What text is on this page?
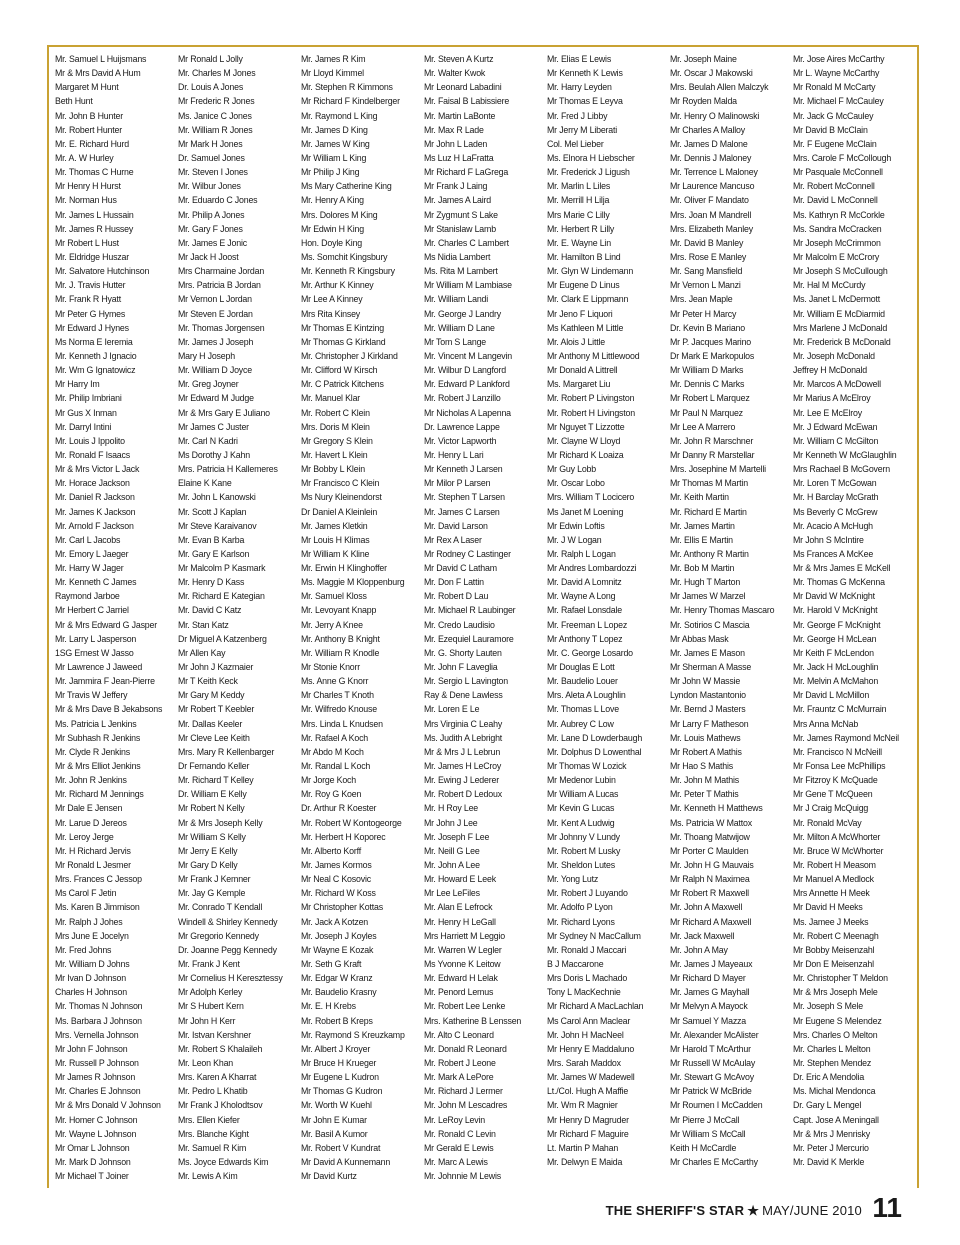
Mr. Samuel L Huijsmans
Mr & Mrs David A Hum
Margaret M Hunt
Beth Hunt
Mr. John B Hunter
Mr. Robert Hunter
Mr. E. Richard Hurd
Mr. A. W Hurley
Mr. Thomas C Hurne
Mr Henry H Hurst
Mr. Norman Hus
Mr. James L Hussain
Mr. James R Hussey
Mr Robert L Hust
Mr. Eldridge Huszar
Mr. Salvatore Hutchinson
Mr. J. Travis Hutter
Mr. Frank R Hyatt
Mr Peter G Hymes
Mr Edward J Hynes
Ms Norma E Ieremia
Mr. Kenneth J Ignacio
Mr. Wm G Ignatowicz
Mr Harry Im
Mr. Philip Imbriani
Mr Gus X Inman
Mr. Darryl Intini
Mr. Louis J Ippolito
Mr. Ronald F Isaacs
Mr & Mrs Victor L Jack
Mr. Horace Jackson
Mr. Daniel R Jackson
Mr. James K Jackson
Mr. Arnold F Jackson
Mr. Carl L Jacobs
Mr. Emory L Jaeger
Mr. Harry W Jager
Mr. Kenneth C James
Raymond Jarboe
Mr Herbert C Jarriel
Mr & Mrs Edward G Jasper
Mr. Larry L Jasperson
1SG Ernest W Jasso
Mr Lawrence J Jaweed
Mr. Jammira F Jean-Pierre
Mr Travis W Jeffery
Mr & Mrs Dave B Jekabsons
Ms. Patricia L Jenkins
Mr Subhash R Jenkins
Mr. Clyde R Jenkins
Mr & Mrs Elliot Jenkins
Mr. John R Jenkins
Mr. Richard M Jennings
Mr Dale E Jensen
Mr. Larue D Jereos
Mr. Leroy Jerge
Mr. H Richard Jervis
Mr Ronald L Jesmer
Mrs. Frances C Jessop
Ms Carol F Jetin
Ms. Karen B Jimmison
Mr. Ralph J Johes
Mrs June E Jocelyn
Mr. Fred Johns
Mr. William D Johns
Mr Ivan D Johnson
Charles H Johnson
Mr. Thomas N Johnson
Ms. Barbara J Johnson
Mrs. Vernella Johnson
Mr John F Johnson
Mr. Russell P Johnson
Mr James R Johnson
Mr. Charles E Johnson
Mr & Mrs Donald V Johnson
Mr. Homer C Johnson
Mr. Wayne L Johnson
Mr Omar L Johnson
Mr. Mark D Johnson
Mr Michael T Joiner
Mr Ronald L Jolly
Mr. Charles M Jones
Dr. Louis A Jones
Mr Frederic R Jones
Ms. Janice C Jones
Mr. William R Jones
Mr Mark H Jones
Dr. Samuel Jones
Mr. Steven I Jones
Mr. Wilbur Jones
Mr. Eduardo C Jones
Mr. Philip A Jones
Mr. Gary F Jones
Mr. James E Jonic
Mr Jack H Joost
Mrs Charmaine Jordan
Mrs. Patricia B Jordan
Mr Vernon L Jordan
Mr Steven E Jordan
Mr. Thomas Jorgensen
Mr. James J Joseph
Mary H Joseph
Mr. William D Joyce
Mr. Greg Joyner
Mr Edward M Judge
Mr & Mrs Gary E Juliano
Mr James C Juster
Mr. Carl N Kadri
Ms Dorothy J Kahn
Mrs. Patricia H Kallemeres
Elaine K Kane
Mr. John L Kanowski
Mr. Scott J Kaplan
Mr Steve Karaivanov
Mr. Evan B Karba
Mr. Gary E Karlson
Mr Malcolm P Kasmark
Mr. Henry D Kass
Mr. Richard E Kategian
Mr. David C Katz
Mr. Stan Katz
Dr Miguel A Katzenberg
Mr Allen Kay
Mr John J Kazmaier
Mr T Keith Keck
Mr Gary M Keddy
Mr Robert T Keebler
Mr. Dallas Keeler
Mr Cleve Lee Keith
Mrs. Mary R Kellenbarger
Dr Fernando Keller
Mr. Richard T Kelley
Dr. William E Kelly
Mr Robert N Kelly
Mr & Mrs Joseph Kelly
Mr William S Kelly
Mr Jerry E Kelly
Mr Gary D Kelly
Mr Frank J Kemner
Mr. Jay G Kemple
Mr. Conrado T Kendall
Windell & Shirley Kennedy
Mr Gregorio Kennedy
Dr. Joanne Pegg Kennedy
Mr. Frank J Kent
Mr Cornelius H Keresztessy
Mr Adolph Kerley
Mr S Hubert Kern
Mr John H Kerr
Mr. Istvan Kershner
Mr. Robert S Khalaileh
Mr. Leon Khan
Mrs. Karen A Kharrat
Mr. Pedro L Khatib
Mr Frank J Kholodtsov
Mrs. Ellen Kiefer
Mrs. Blanche Kight
Mr. Samuel R Kim
Ms. Joyce Edwards Kim
Mr. Lewis A Kim
Mr. James R Kim
Mr Lloyd Kimmel
Mr. Stephen R Kimmons
Mr Richard F Kindelberger
Mr. Raymond L King
Mr. James D King
Mr. James W King
Mr William L King
Mr Philip J King
Ms Mary Catherine King
Mr. Henry A King
Mrs. Dolores M King
Mr Edwin H King
Hon. Doyle King
Ms. Somchit Kingsbury
Mr. Kenneth R Kingsbury
Mr. Arthur K Kinney
Mr Lee A Kinney
Mrs Rita Kinsey
Mr Thomas E Kintzing
Mr Thomas G Kirkland
Mr. Christopher J Kirkland
Mr. Clifford W Kirsch
Mr. C Patrick Kitchens
Mr. Manuel Klar
Mr. Robert C Klein
Mrs. Doris M Klein
Mr Gregory S Klein
Mr. Havert L Klein
Mr Bobby L Klein
Mr Francisco C Klein
Ms Nury Kleinendorst
Dr Daniel A Kleinlein
Mr. James Kletkin
Mr Louis H Klimas
Mr William K Kline
Mr. Erwin H Klinghoffer
Ms. Maggie M Kloppenburg
Mr. Samuel Kloss
Mr. Levoyant Knapp
Mr. Jerry A Knee
Mr. Anthony B Knight
Mr. William R Knodle
Mr Stonie Knorr
Ms. Anne G Knorr
Mr Charles T Knoth
Mr. Wilfredo Knouse
Mrs. Linda L Knudsen
Mr. Rafael A Koch
Mr Abdo M Koch
Mr. Randal L Koch
Mr Jorge Koch
Mr. Roy G Koen
Dr. Arthur R Koester
Mr. Robert W Kontogeorge
Mr. Herbert H Koporec
Mr. Alberto Korff
Mr. James Kormos
Mr Neal C Kosovic
Mr. Richard W Koss
Mr Christopher Kottas
Mr. Jack A Kotzen
Mr. Joseph J Koyles
Mr Wayne E Kozak
Mr. Seth G Kraft
Mr. Edgar W Kranz
Mr. Baudelio Krasny
Mr. E. H Krebs
Mr. Robert B Kreps
Mr. Raymond S Kreuzkamp
Mr. Albert J Kroyer
Mr Bruce H Krueger
Mr Eugene L Kudron
Mr Thomas G Kudron
Mr. Worth W Kuehl
Mr John E Kumar
Mr. Basil A Kumor
Mr. Robert V Kundrat
Mr David A Kunnemann
Mr David Kurtz
Mr. Steven A Kurtz
Mr. Walter Kwok
Mr Leonard Labadini
Mr. Faisal B Labissiere
Mr. Martin LaBonte
Mr. Max R Lade
Mr John L Laden
Ms Luz H LaFratta
Mr Richard F LaGrega
Mr Frank J Laing
Mr. James A Laird
Mr Zygmunt S Lake
Mr Stanislaw Lamb
Mr. Charles C Lambert
Ms Nidia Lambert
Ms. Rita M Lambert
Mr William M Lambiase
Mr. William Landi
Mr. George J Landry
Mr. William D Lane
Mr Tom S Lange
Mr. Vincent M Langevin
Mr. Wilbur D Langford
Mr. Edward P Lankford
Mr. Robert J Lanzillo
Mr Nicholas A Lapenna
Dr. Lawrence Lappe
Mr. Victor Lapworth
Mr. Henry L Lari
Mr Kenneth J Larsen
Mr Milor P Larsen
Mr. Stephen T Larsen
Mr. James C Larsen
Mr. David Larson
Mr Rex A Laser
Mr Rodney C Lastinger
Mr David C Latham
Mr. Don F Lattin
Mr. Robert D Lau
Mr. Michael R Laubinger
Mr. Credo Laudisio
Mr. Ezequiel Lauramore
Mr. G. Shorty Lauten
Mr. John F Laveglia
Mr. Sergio L Lavington
Ray & Dene Lawless
Mr. Loren E Le
Mrs Virginia C Leahy
Ms. Judith A Lebright
Mr & Mrs J L Lebrun
Mr. James H LeCroy
Mr. Ewing J Lederer
Mr. Robert D Ledoux
Mr. H Roy Lee
Mr John J Lee
Mr. Joseph F Lee
Mr. Neill G Lee
Mr. John A Lee
Mr. Howard E Leek
Mr Lee LeFiles
Mr. Alan E Lefrock
Mr. Henry H LeGall
Mrs Harriett M Leggio
Mr. Warren W Legler
Ms Yvonne K Leitow
Mr. Edward H Lelak
Mr. Penord Lemus
Mr. Robert Lee Lenke
Mrs. Katherine B Lenssen
Mr. Alto C Leonard
Mr. Donald R Leonard
Mr. Robert J Leone
Mr. Mark A LePore
Mr. Richard J Lermer
Mr. John M Lescadres
Mr. LeRoy Levin
Mr. Ronald C Levin
Mr Gerald E Lewis
Mr. Marc A Lewis
Mr. Johnnie M Lewis
Mr. Elias E Lewis
Mr Kenneth K Lewis
Mr. Harry Leyden
Mr Thomas E Leyva
Mr. Fred J Libby
Mr Jerry M Liberati
Col. Mel Lieber
Ms. Elnora H Liebscher
Mr. Frederick J Ligush
Mr. Marlin L Liles
Mr. Merrill H Lilja
Mrs Marie C Lilly
Mr. Herbert R Lilly
Mr. E. Wayne Lin
Mr. Hamilton B Lind
Mr. Glyn W Lindemann
Mr Eugene D Linus
Mr. Clark E Lippmann
Mr Jeno F Liquori
Ms Kathleen M Little
Mr. Alois J Little
Mr Anthony M Littlewood
Mr Donald A Littrell
Ms. Margaret Liu
Mr. Robert P Livingston
Mr. Robert H Livingston
Mr Nguyet T Lizzotte
Mr. Clayne W Lloyd
Mr Richard K Loaiza
Mr Guy Lobb
Mr. Oscar Lobo
Mrs. William T Locicero
Ms Janet M Loening
Mr Edwin Loftis
Mr. J W Logan
Mr. Ralph L Logan
Mr Andres Lombardozzi
Mr. David A Lomnitz
Mr. Wayne A Long
Mr. Rafael Lonsdale
Mr. Freeman L Lopez
Mr Anthony T Lopez
Mr. C. George Losardo
Mr Douglas E Lott
Mr. Baudelio Louer
Mrs. Aleta A Loughlin
Mr. Thomas L Love
Mr. Aubrey C Low
Mr. Lane D Lowderbaugh
Mr. Dolphus D Lowenthal
Mr Thomas W Lozick
Mr Medenor Lubin
Mr William A Lucas
Mr Kevin G Lucas
Mr. Kent A Ludwig
Mr Johnny V Lundy
Mr. Robert M Lusky
Mr. Sheldon Lutes
Mr. Yong Lutz
Mr. Robert J Luyando
Mr. Adolfo P Lyon
Mr. Richard Lyons
Mr Sydney N MacCallum
Mr. Ronald J Maccari
B J Maccarone
Mrs Doris L Machado
Tony L MacKechnie
Mr Richard A MacLachlan
Ms Carol Ann Maclear
Mr. John H MacNeel
Mr Henry E Maddaluno
Mrs. Sarah Maddox
Mr. James W Madewell
Lt./Col. Hugh A Maffie
Mr. Wm R Magnier
Mr Henry D Magruder
Mr Richard F Maguire
Lt. Martin P Mahan
Mr. Delwyn E Maida
Mr. Joseph Maine
Mr. Oscar J Makowski
Mrs. Beulah Allen Malczyk
Mr Royden Malda
Mr. Henry O Malinowski
Mr Charles A Malloy
Mr. James D Malone
Mr. Dennis J Maloney
Mr. Terrence L Maloney
Mr Laurence Mancuso
Mr. Oliver F Mandato
Mrs. Joan M Mandrell
Mrs. Elizabeth Manley
Mr. David B Manley
Mrs. Rose E Manley
Mr. Sang Mansfield
Mr Vernon L Manzi
Mrs. Jean Maple
Mr Peter H Marcy
Dr. Kevin B Mariano
Mr P. Jacques Marino
Dr Mark E Markopulos
Mr William D Marks
Mr. Dennis C Marks
Mr Robert L Marquez
Mr Paul N Marquez
Mr Lee A Marrero
Mr. John R Marschner
Mr Danny R Marstellar
Mrs. Josephine M Martelli
Mr Thomas M Martin
Mr. Keith Martin
Mr. Richard E Martin
Mr. James Martin
Mr. Ellis E Martin
Mr. Anthony R Martin
Mr. Bob M Martin
Mr. Hugh T Marton
Mr James W Marzel
Mr. Henry Thomas Mascaro
Mr. Sotirios C Mascia
Mr Abbas Mask
Mr. James E Mason
Mr Sherman A Masse
Mr John W Massie
Lyndon Mastantonio
Mr. Bernd J Masters
Mr Larry F Matheson
Mr. Louis Mathews
Mr Robert A Mathis
Mr Hao S Mathis
Mr. John M Mathis
Mr. Peter T Mathis
Mr. Kenneth H Matthews
Ms. Patricia W Mattox
Mr. Thoang Matwijow
Mr Porter C Maulden
Mr. John H G Mauvais
Mr Ralph N Maximea
Mr Robert R Maxwell
Mr. John A Maxwell
Mr Richard A Maxwell
Mr. Jack Maxwell
Mr. John A May
Mr. James J Mayeaux
Mr Richard D Mayer
Mr. James G Mayhall
Mr Melvyn A Mayock
Mr Samuel Y Mazza
Mr. Alexander McAlister
Mr Harold T McArthur
Mr Russell W McAulay
Mr. Stewart G McAvoy
Mr Patrick W McBride
Mr Roumen I McCadden
Mr Pierre J McCall
Mr William S McCall
Keith H McCardle
Mr Charles E McCarthy
Mr. Jose Aires McCarthy
Mr L. Wayne McCarthy
Mr Ronald M McCarty
Mr. Michael F McCauley
Mr. Jack G McCauley
Mr David B McClain
Mr. F Eugene McClain
Mrs. Carole F McCollough
Mr Pasquale McConnell
Mr. Robert McConnell
Mr. David L McConnell
Ms. Kathryn R McCorkle
Ms. Sandra McCracken
Mr Joseph McCrimmon
Mr Malcolm E McCrory
Mr Joseph S McCullough
Mr. Hal M McCurdy
Ms. Janet L McDermott
Mr. William E McDiarmid
Mrs Marlene J McDonald
Mr. Frederick B McDonald
Mr. Joseph McDonald
Jeffrey H McDonald
Mr. Marcos A McDowell
Mr Marius A McElroy
Mr. Lee E McElroy
Mr. J Edward McEwan
Mr. William C McGilton
Mr Kenneth W McGlaughlin
Mrs Rachael B McGovern
Mr. Loren T McGowan
Mr. H Barclay McGrath
Ms Beverly C McGrew
Mr. Acacio A McHugh
Mr John S McIntire
Ms Frances A McKee
Mr & Mrs James E McKell
Mr. Thomas G McKenna
Mr David W McKnight
Mr. Harold V McKnight
Mr. George F McKnight
Mr. George H McLean
Mr Keith F McLendon
Mr. Jack H McLoughlin
Mr. Melvin A McMahon
Mr David L McMillon
Mr. Frauntz C McMurrain
Mrs Anna McNab
Mr. James Raymond McNeil
Mr. Francisco N McNeill
Mr Fonsa Lee McPhillips
Mr Fitzroy K McQuade
Mr Gene T McQueen
Mr J Craig McQuigg
Mr. Ronald McVay
Mr. Milton A McWhorter
Mr. Bruce W McWhorter
Mr. Robert H Measom
Mr Manuel A Medlock
Mrs Annette H Meek
Mr David H Meeks
Ms. Jamee J Meeks
Mr. Robert C Meenagh
Mr Bobby Meisenzahl
Mr Don E Meisenzahl
Mr. Christopher T Meldon
Mr & Mrs Joseph Mele
Mr. Joseph S Mele
Mr Eugene S Melendez
Mrs. Charles O Melton
Mr. Charles L Melton
Mr. Stephen Mendez
Dr. Eric A Mendolia
Ms. Michal Mendonca
Dr. Gary L Mengel
Capt. Jose A Meningall
Mr & Mrs J Menrisky
Mr. Peter J Mercurio
Mr. David K Merkle
THE SHERIFF'S STAR ★ MAY/JUNE 2010 11
